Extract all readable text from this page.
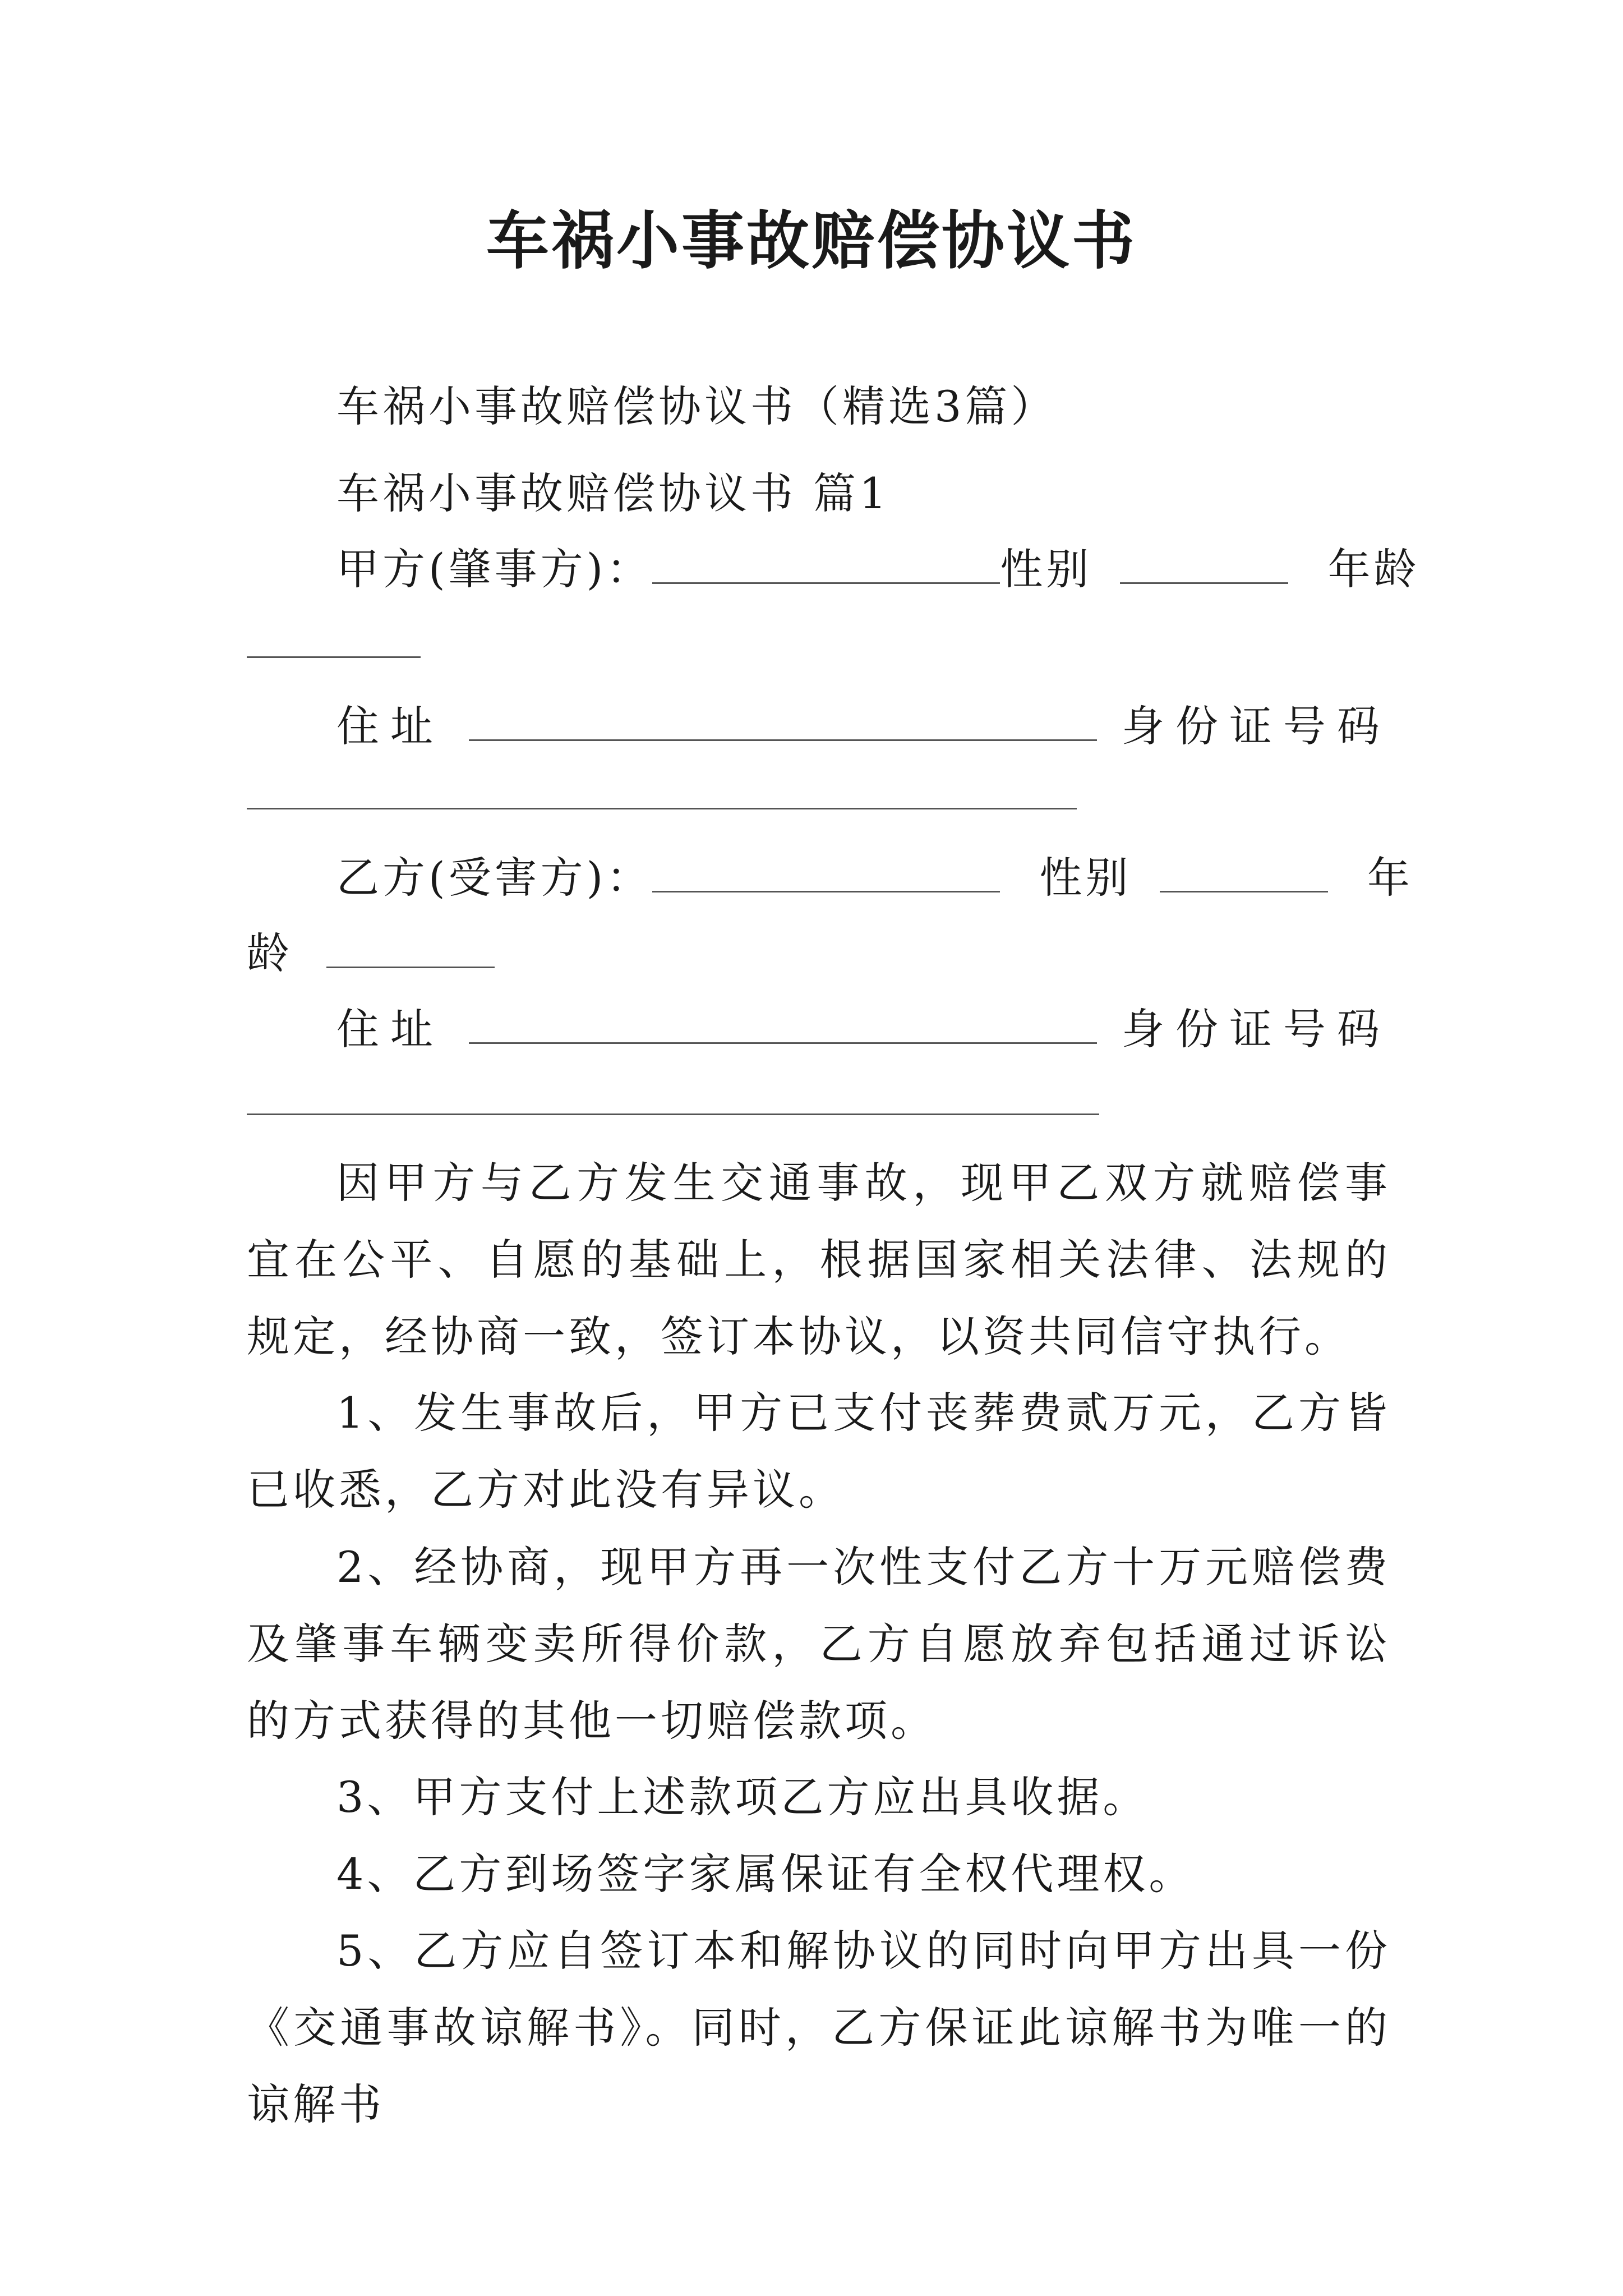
车祸小事故赔偿协议书
车祸小事故赔偿协议书（精选3篇）
车祸小事故赔偿协议书 篇1
甲方(肇事方)：	性别	年龄
住址	身份证号码
乙方(受害方)：	性别	年
龄
住址	身份证号码
因甲方与乙方发生交通事故，现甲乙双方就赔偿事宜在公平、自愿的基础上，根据国家相关法律、法规的规定，经协商一致，签订本协议，以资共同信守执行。
1、发生事故后，甲方已支付丧葬费贰万元，乙方皆已收悉，乙方对此没有异议。
2、经协商，现甲方再一次性支付乙方十万元赔偿费及肇事车辆变卖所得价款，乙方自愿放弃包括通过诉讼的方式获得的其他一切赔偿款项。
3、甲方支付上述款项乙方应出具收据。
4、乙方到场签字家属保证有全权代理权。
5、乙方应自签订本和解协议的同时向甲方出具一份《交通事故谅解书》。同时，乙方保证此谅解书为唯一的谅解书
